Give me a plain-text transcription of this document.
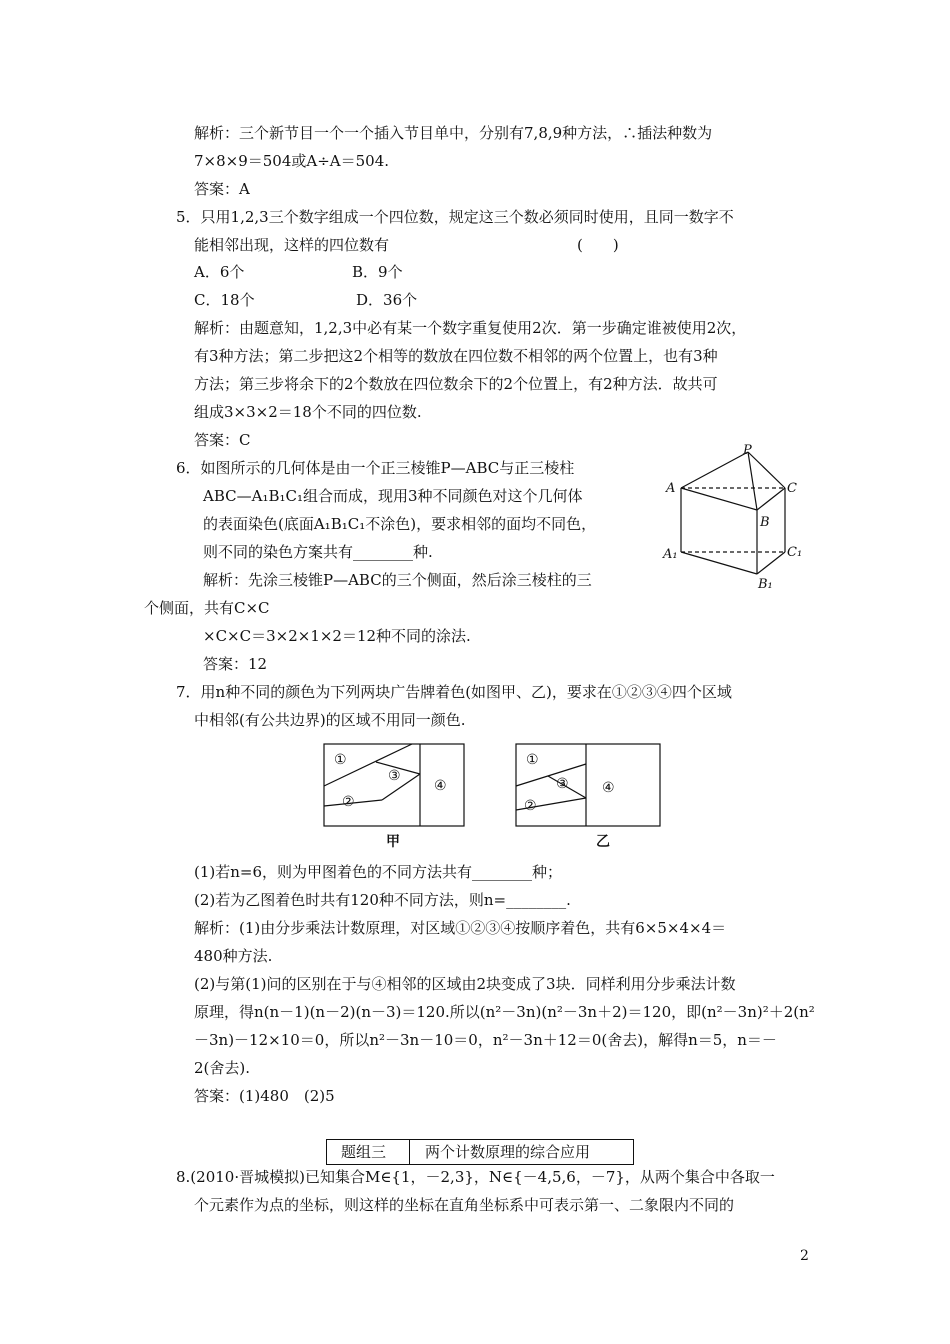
解析：三个新节目一个一个插入节目单中，分别有7,8,9种方法，∴插法种数为
7×8×9＝504或A÷A＝504.
答案：A
5．只用1,2,3三个数字组成一个四位数，规定这三个数必须同时使用，且同一数字不
能相邻出现，这样的四位数有	(　　)
A．6个	B．9个
C．18个	D．36个
解析：由题意知，1,2,3中必有某一个数字重复使用2次．第一步确定谁被使用2次，
有3种方法；第二步把这2个相等的数放在四位数不相邻的两个位置上，也有3种
方法；第三步将余下的2个数放在四位数余下的2个位置上，有2种方法．故共可
组成3×3×2＝18个不同的四位数.
答案：C
6．如图所示的几何体是由一个正三棱锥P—ABC与正三棱柱
ABC—A₁B₁C₁组合而成，现用3种不同颜色对这个几何体
的表面染色(底面A₁B₁C₁不涂色)，要求相邻的面均不同色，
则不同的染色方案共有________种.
解析：先涂三棱锥P—ABC的三个侧面，然后涂三棱柱的三
个侧面，共有C×C
×C×C＝3×2×1×2＝12种不同的涂法.
答案：12
7．用n种不同的颜色为下列两块广告牌着色(如图甲、乙)，要求在①②③④四个区域
中相邻(有公共边界)的区域不用同一颜色.
P
A	C
B
A₁	C₁
B₁
①
③
②
④
甲
①
③
②
④
乙
(1)若n=6，则为甲图着色的不同方法共有________种；
(2)若为乙图着色时共有120种不同方法，则n=________.
解析：(1)由分步乘法计数原理，对区域①②③④按顺序着色，共有6×5×4×4＝
480种方法.
(2)与第(1)问的区别在于与④相邻的区域由2块变成了3块．同样利用分步乘法计数
原理，得n(n－1)(n－2)(n－3)＝120.所以(n²－3n)(n²－3n＋2)＝120，即(n²－3n)²＋2(n²
－3n)－12×10＝0，所以n²－3n－10＝0，n²－3n＋12＝0(舍去)，解得n＝5，n＝－
2(舍去).
答案：(1)480　(2)5
题组三	两个计数原理的综合应用
8.(2010·晋城模拟)已知集合M∈{1，－2,3}，N∈{－4,5,6，－7}，从两个集合中各取一
个元素作为点的坐标，则这样的坐标在直角坐标系中可表示第一、二象限内不同的
2
